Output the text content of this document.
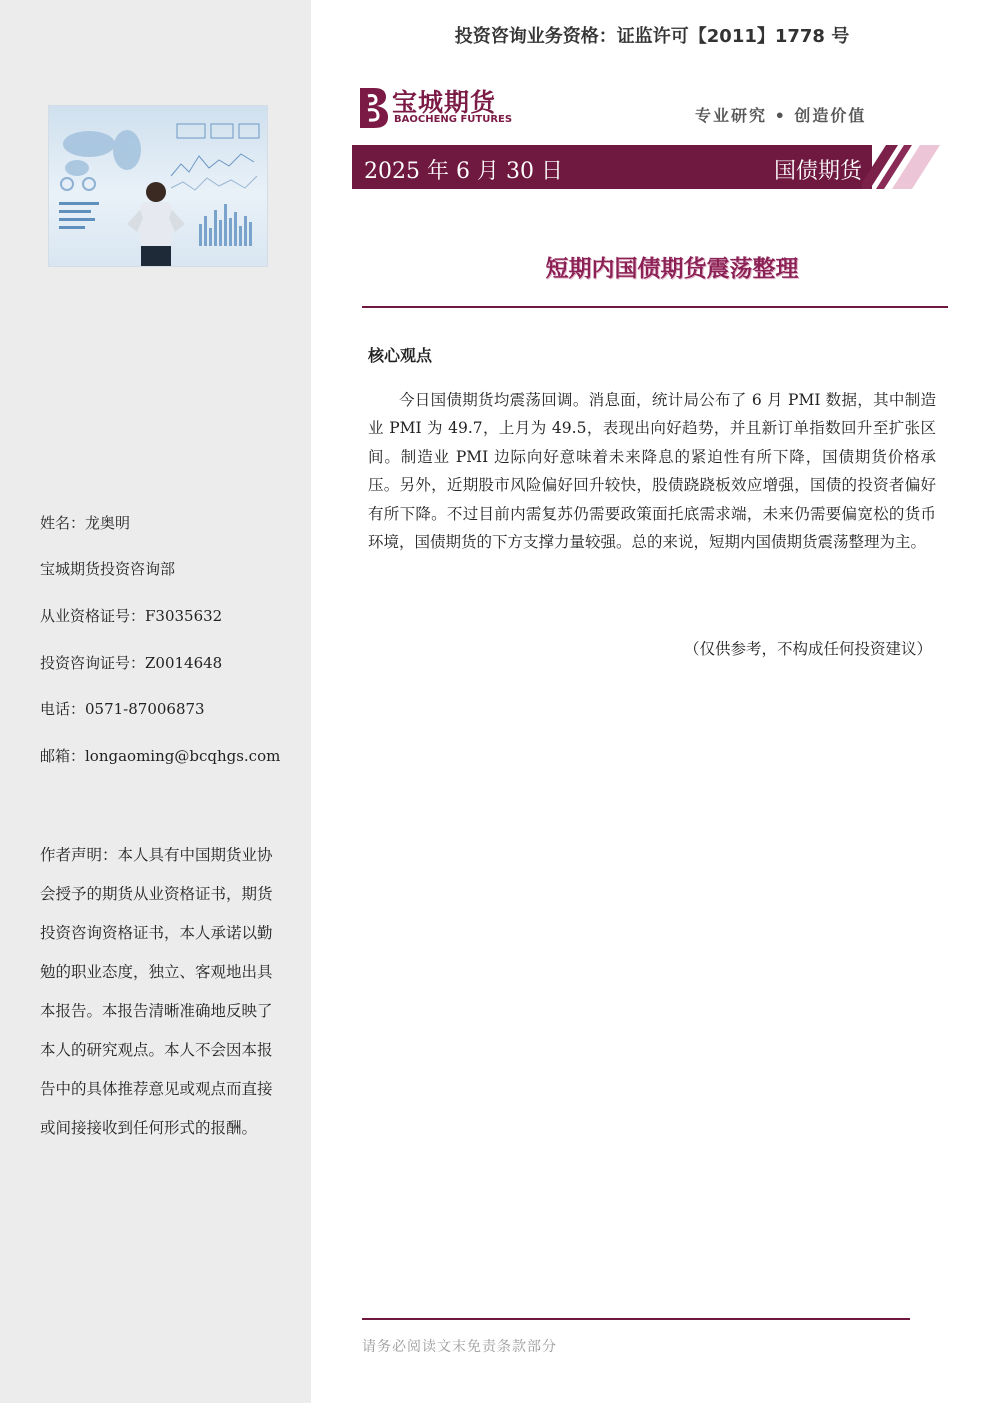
姓名：龙奥明
宝城期货投资咨询部
从业资格证号：F3035632
投资咨询证号：Z0014648
电话：0571-87006873
邮箱：longaoming@bcqhgs.com
作者声明：本人具有中国期货业协会授予的期货从业资格证书，期货投资咨询资格证书，本人承诺以勤勉的职业态度，独立、客观地出具本报告。本报告清晰准确地反映了本人的研究观点。本人不会因本报告中的具体推荐意见或观点而直接或间接接收到任何形式的报酬。
投资咨询业务资格：证监许可【2011】1778 号
宝城期货
BAOCHENG FUTURES	专业研究 • 创造价值
2025 年 6 月 30 日	国债期货
短期内国债期货震荡整理
核心观点
今日国债期货均震荡回调。消息面，统计局公布了 6 月 PMI 数据，其中制造业 PMI 为 49.7，上月为 49.5，表现出向好趋势，并且新订单指数回升至扩张区间。制造业 PMI 边际向好意味着未来降息的紧迫性有所下降，国债期货价格承压。另外，近期股市风险偏好回升较快，股债跷跷板效应增强，国债的投资者偏好有所下降。不过目前内需复苏仍需要政策面托底需求端，未来仍需要偏宽松的货币环境，国债期货的下方支撑力量较强。总的来说，短期内国债期货震荡整理为主。
（仅供参考，不构成任何投资建议）
请务必阅读文末免责条款部分
